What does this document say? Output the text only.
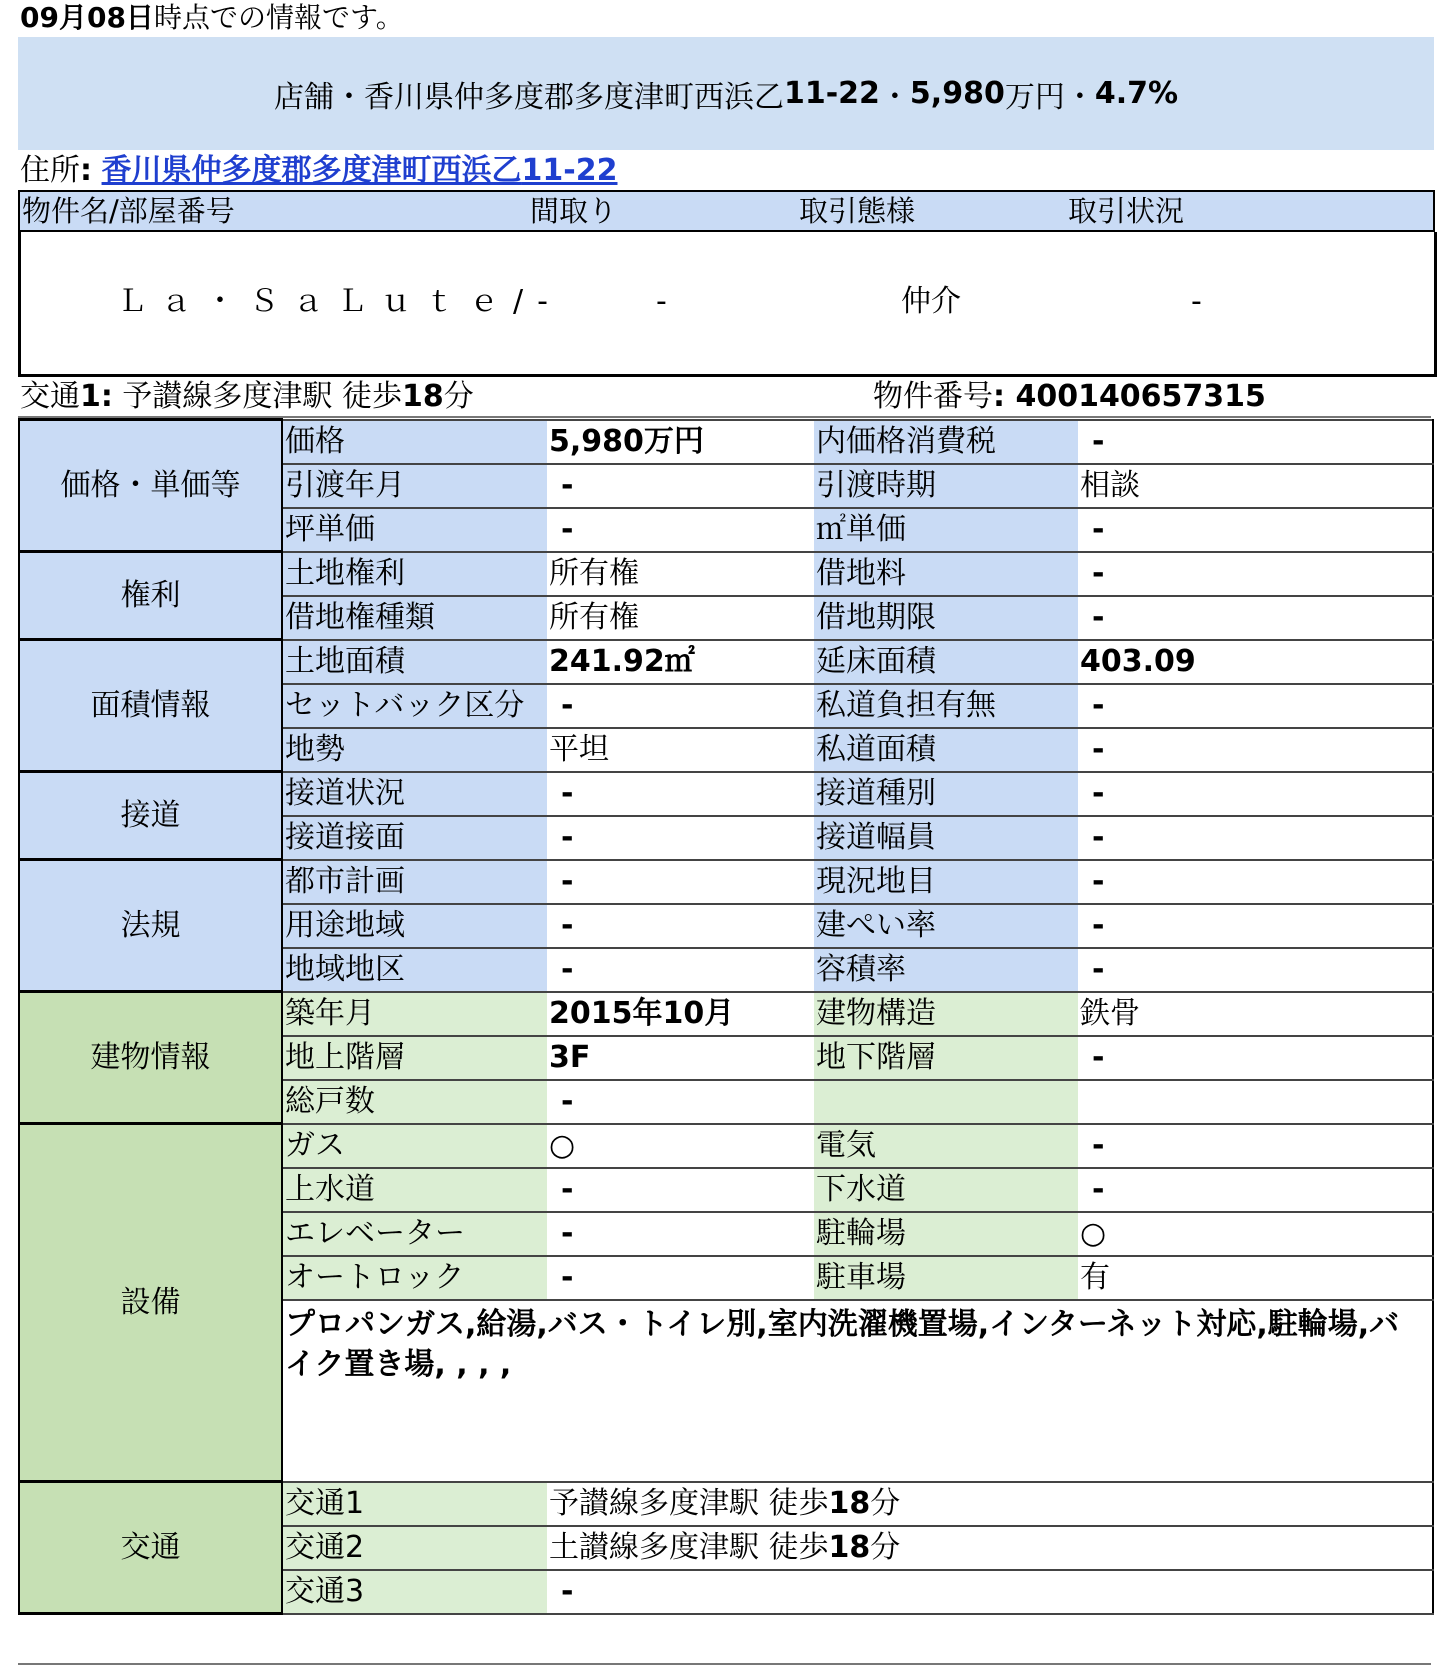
09月08日時点での情報です。
店舗 ・ 香川県仲多度郡多度津町西浜乙 11-22 ・ 5,980 万円 ・ 4.7%
住所: 香川県仲多度郡多度津町西浜乙11-22
物件名/部屋番号	間取り	取引態様	取引状況
Ｌａ・ＳａＬｕｔｅ/-	-	仲介	-
交通1: 予讃線多度津駅 徒歩18分	物件番号: 400140657315
価格・単価等	価格	5,980万円	内価格消費税	-
	引渡年月	-	引渡時期	相談
	坪単価	-	㎡単価	-
権利	土地権利	所有権	借地料	-
	借地権種類	所有権	借地期限	-
面積情報	土地面積	241.92㎡	延床面積	403.09
	セットバック区分	-	私道負担有無	-
	地勢	平坦	私道面積	-
接道	接道状況	-	接道種別	-
	接道接面	-	接道幅員	-
法規	都市計画	-	現況地目	-
	用途地域	-	建ぺい率	-
	地域地区	-	容積率	-
建物情報	築年月	2015年10月	建物構造	鉄骨
	地上階層	3F	地下階層	-
	総戸数	-		
設備	ガス	○	電気	-
	上水道	-	下水道	-
	エレベーター	-	駐輪場	○
	オートロック	-	駐車場	有
	プロパンガス,給湯,バス・トイレ別,室内洗濯機置場,インターネット対応,駐輪場,バイク置き場, , , ,			
交通	交通1	予讃線多度津駅 徒歩18分		
	交通2	土讃線多度津駅 徒歩18分		
	交通3	-		
